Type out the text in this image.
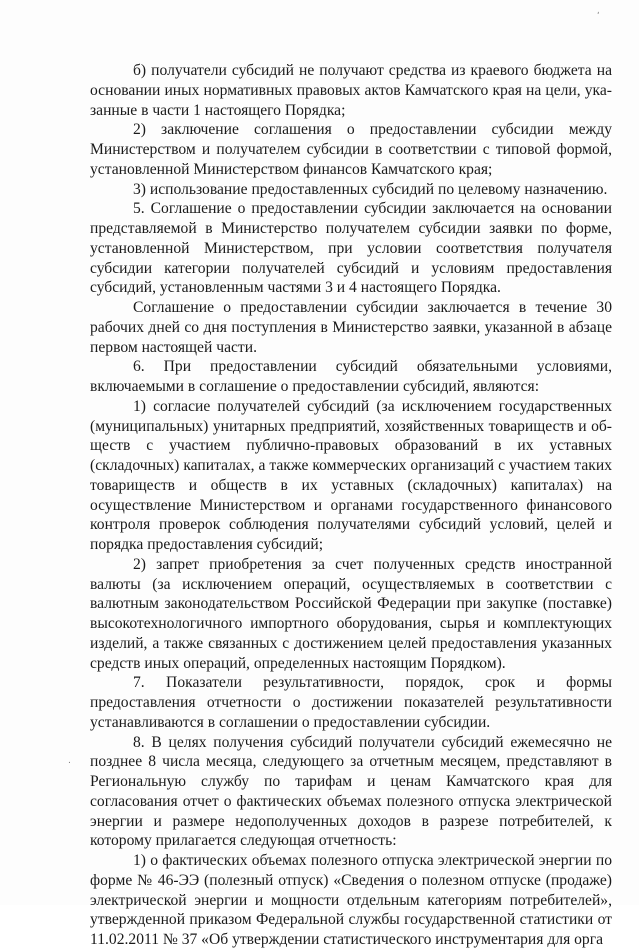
ʹ
.

б) получатели субсидий не получают средства из краевого бюджета на основании иных нормативных правовых актов Камчатского края на цели, указанные в части 1 настоящего Порядка;

2) заключение соглашения о предоставлении субсидии между Министерством и получателем субсидии в соответствии с типовой формой, установленной Министерством финансов Камчатского края;

3) использование предоставленных субсидий по целевому назначению.

5. Соглашение о предоставлении субсидии заключается на основании представляемой в Министерство получателем субсидии заявки по форме, установленной Министерством, при условии соответствия получателя субсидии категории получателей субсидий и условиям предоставления субсидий, установленным частями 3 и 4 настоящего Порядка.

Соглашение о предоставлении субсидии заключается в течение 30 рабочих дней со дня поступления в Министерство заявки, указанной в абзаце первом настоящей части.

6. При предоставлении субсидий обязательными условиями, включаемыми в соглашение о предоставлении субсидий, являются:

1) согласие получателей субсидий (за исключением государственных (муниципальных) унитарных предприятий, хозяйственных товариществ и обществ с участием публично-правовых образований в их уставных (складочных) капиталах, а также коммерческих организаций с участием таких товариществ и обществ в их уставных (складочных) капиталах) на осуществление Министерством и органами государственного финансового контроля проверок соблюдения получателями субсидий условий, целей и порядка предоставления субсидий;

2) запрет приобретения за счет полученных средств иностранной валюты (за исключением операций, осуществляемых в соответствии с валютным законодательством Российской Федерации при закупке (поставке) высокотехнологичного импортного оборудования, сырья и комплектующих изделий, а также связанных с достижением целей предоставления указанных средств иных операций, определенных настоящим Порядком).

7. Показатели результативности, порядок, срок и формы предоставления отчетности о достижении показателей результативности устанавливаются в соглашении о предоставлении субсидии.

8. В целях получения субсидий получатели субсидий ежемесячно не позднее 8 числа месяца, следующего за отчетным месяцем, представляют в Региональную службу по тарифам и ценам Камчатского края для согласования отчет о фактических объемах полезного отпуска электрической энергии и размере недополученных доходов в разрезе потребителей, к которому прилагается следующая отчетность:

1) о фактических объемах полезного отпуска электрической энергии по форме № 46-ЭЭ (полезный отпуск) «Сведения о полезном отпуске (продаже) электрической энергии и мощности отдельным категориям потребителей», утвержденной приказом Федеральной службы государственной статистики от 11.02.2011 № 37 «Об утверждении статистического инструментария для орга
